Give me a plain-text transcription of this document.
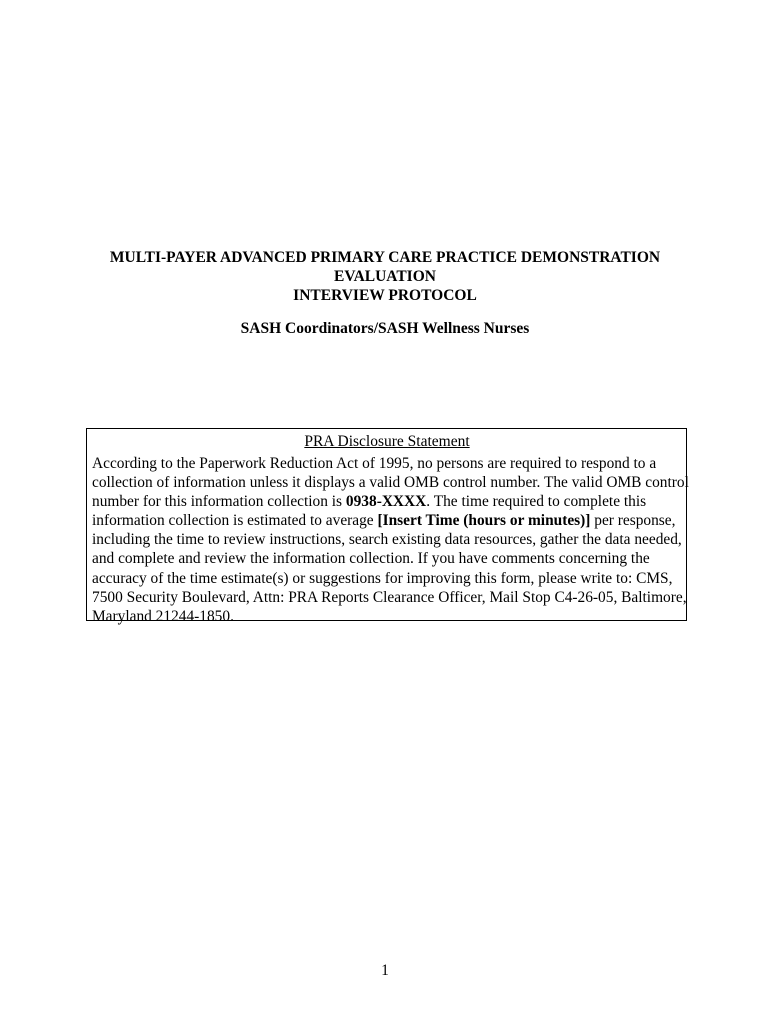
MULTI-PAYER ADVANCED PRIMARY CARE PRACTICE DEMONSTRATION
EVALUATION
INTERVIEW PROTOCOL
SASH Coordinators/SASH Wellness Nurses
PRA Disclosure Statement

According to the Paperwork Reduction Act of 1995, no persons are required to respond to a
collection of information unless it displays a valid OMB control number. The valid OMB control
number for this information collection is 0938-XXXX. The time required to complete this
information collection is estimated to average [Insert Time (hours or minutes)] per response,
including the time to review instructions, search existing data resources, gather the data needed,
and complete and review the information collection. If you have comments concerning the
accuracy of the time estimate(s) or suggestions for improving this form, please write to: CMS,
7500 Security Boulevard, Attn: PRA Reports Clearance Officer, Mail Stop C4-26-05, Baltimore,
Maryland 21244-1850.

1
